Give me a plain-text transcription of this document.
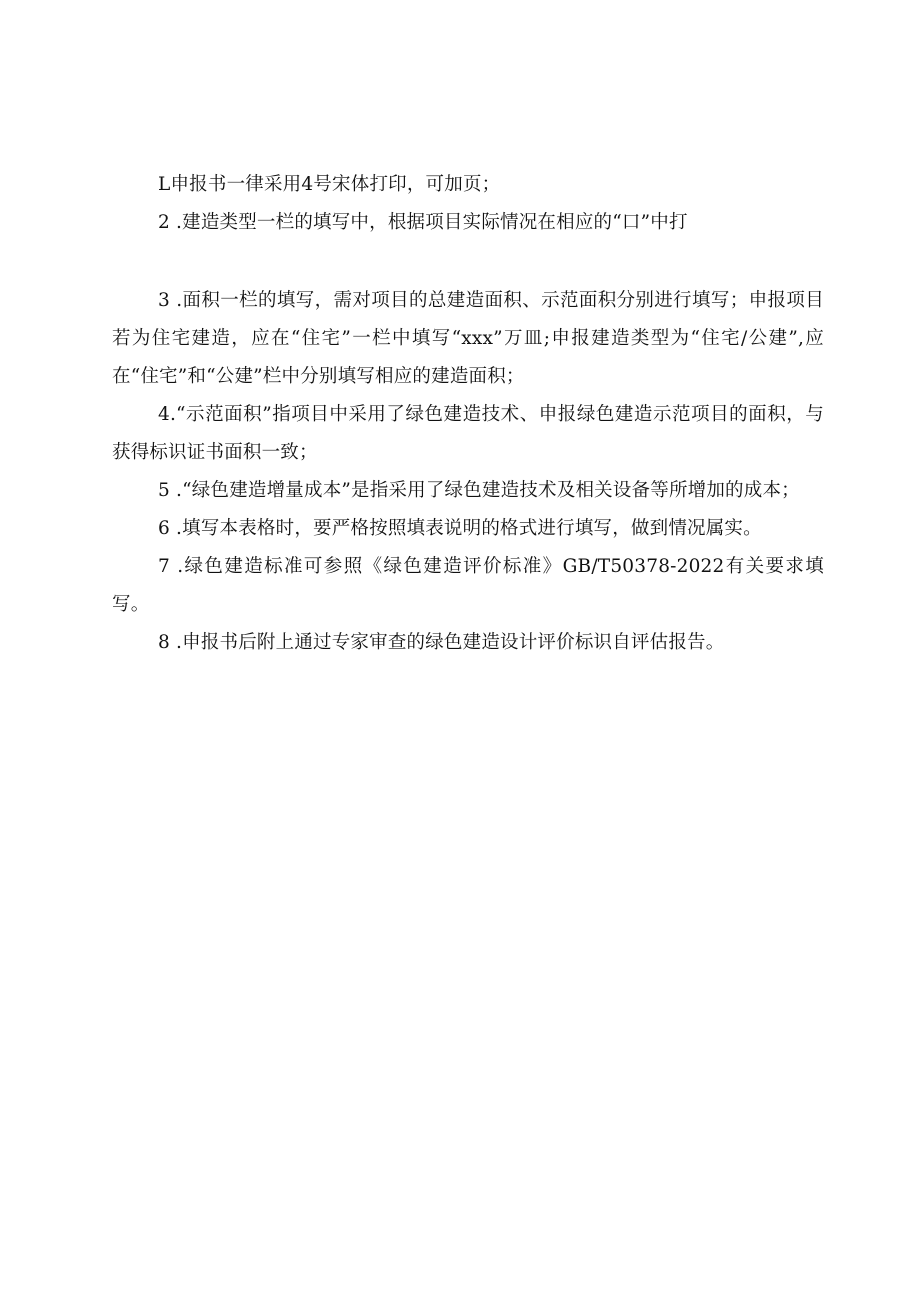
L申报书一律采用4号宋体打印，可加页；

2 .建造类型一栏的填写中，根据项目实际情况在相应的“口”中打

3 .面积一栏的填写，需对项目的总建造面积、示范面积分别进行填写；申报项目若为住宅建造，应在“住宅”一栏中填写“xxx”万皿;申报建造类型为“住宅/公建”,应在“住宅”和“公建”栏中分别填写相应的建造面积；

4.“示范面积”指项目中采用了绿色建造技术、申报绿色建造示范项目的面积，与获得标识证书面积一致；

5 .“绿色建造增量成本”是指采用了绿色建造技术及相关设备等所增加的成本；

6 .填写本表格时，要严格按照填表说明的格式进行填写，做到情况属实。

7 .绿色建造标准可参照《绿色建造评价标准》GB/T50378-2022有关要求填写。

8 .申报书后附上通过专家审查的绿色建造设计评价标识自评估报告。
